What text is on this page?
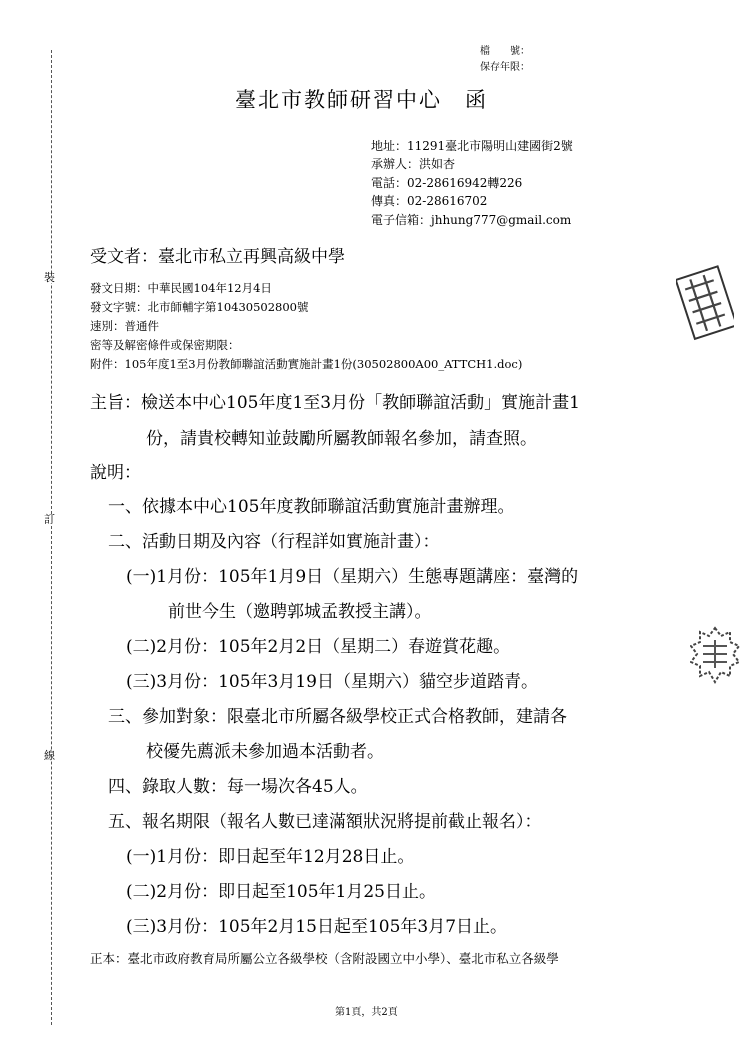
檔　　號：
保存年限：
裝
訂
線
臺北市教師研習中心　函
地址：11291臺北市陽明山建國街2號
承辦人：洪如杏
電話：02-28616942轉226
傳真：02-28616702
電子信箱：jhhung777@gmail.com
受文者：臺北市私立再興高級中學
發文日期：中華民國104年12月4日
發文字號：北市師輔字第10430502800號
速別：普通件
密等及解密條件或保密期限：
附件：105年度1至3月份教師聯誼活動實施計畫1份(30502800A00_ATTCH1.doc)
主旨：檢送本中心105年度1至3月份「教師聯誼活動」實施計畫1
份，請貴校轉知並鼓勵所屬教師報名參加，請查照。
說明：
一、依據本中心105年度教師聯誼活動實施計畫辦理。
二、活動日期及內容（行程詳如實施計畫）：
(一)1月份：105年1月9日（星期六）生態專題講座：臺灣的
前世今生（邀聘郭城孟教授主講）。
(二)2月份：105年2月2日（星期二）春遊賞花趣。
(三)3月份：105年3月19日（星期六）貓空步道踏青。
三、參加對象：限臺北市所屬各級學校正式合格教師，建請各
校優先薦派未參加過本活動者。
四、錄取人數：每一場次各45人。
五、報名期限（報名人數已達滿額狀況將提前截止報名）：
(一)1月份：即日起至年12月28日止。
(二)2月份：即日起至105年1月25日止。
(三)3月份：105年2月15日起至105年3月7日止。
正本：臺北市政府教育局所屬公立各級學校（含附設國立中小學）、臺北市私立各級學
第1頁，共2頁
